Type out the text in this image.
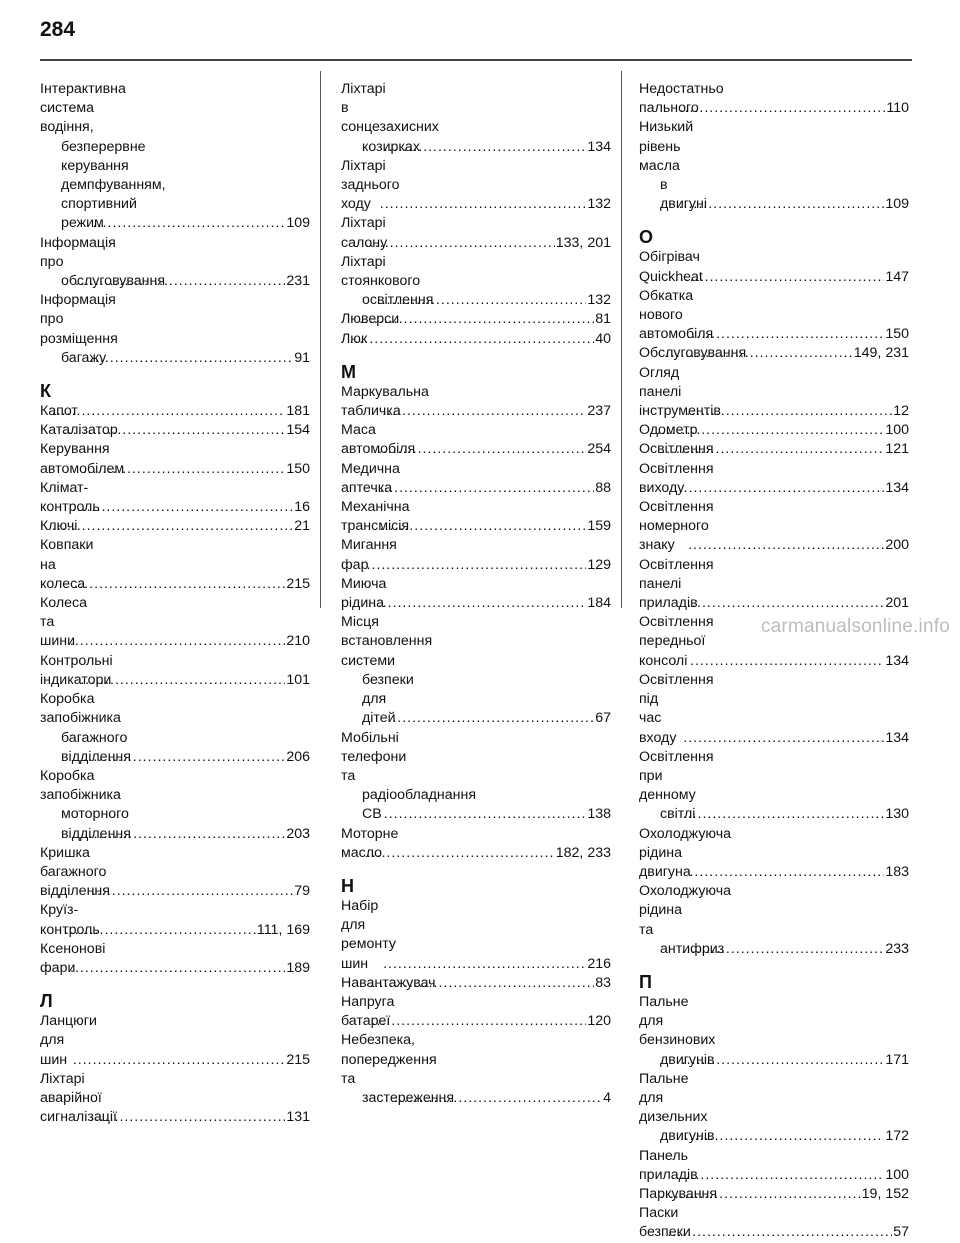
284
Інтерактивна система водіння,
безперервне керування
демпфуванням, спортивний
режим .....	109
Інформація про
обслуговування .....	231
Інформація про розміщення
багажу .....	91
К
Капот .....	181
Каталізатор .....	154
Керування автомобілем .....	150
Клімат-контроль .....	16
Ключі .....	21
Ковпаки на колеса .....	215
Колеса та шини .....	210
Контрольні індикатори .....	101
Коробка запобіжника
багажного відділення .....	206
Коробка запобіжника
моторного відділення .....	203
Кришка багажного відділення .....	79
Круїз-контроль .....	111, 169
Ксенонові фари .....	189
Л
Ланцюги для шин .....	215
Ліхтарі аварійної сигналізації .....	131
Ліхтарі в сонцезахисних
козирках .....	134
Ліхтарі заднього ходу .....	132
Ліхтарі салону .....	133, 201
Ліхтарі стоянкового
освітлення .....	132
Люверси .....	81
Люк .....	40
М
Маркувальна табличка .....	237
Маса автомобіля .....	254
Медична аптечка .....	88
Механічна трансмісія .....	159
Мигання фар .....	129
Миюча рідина .....	184
Місця встановлення системи
безпеки для дітей .....	67
Мобільні телефони та
радіообладнання СВ .....	138
Моторне масло .....	182, 233
Н
Набір для ремонту шин .....	216
Навантажувач .....	83
Напруга батареї .....	120
Небезпека, попередження та
застереження .....	4
Недостатньо пального .....	110
Низький рівень масла
в двигуні .....	109
О
Обігрівач Quickheat .....	147
Обкатка нового автомобіля .....	150
Обслуговування .....	149, 231
Огляд панелі інструментів .....	12
Одометр .....	100
Освітлення .....	121
Освітлення виходу .....	134
Освітлення номерного знаку .....	200
Освітлення панелі приладів .....	201
Освітлення передньої консолі .....	134
Освітлення під час входу .....	134
Освітлення при денному
світлі .....	130
Охолоджуюча рідина двигуна .....	183
Охолоджуюча рідина та
антифриз .....	233
П
Пальне для бензинових
двигунів .....	171
Пальне для дизельних
двигунів .....	172
Панель приладів .....	100
Паркування .....	19, 152
Паски безпеки .....	57
carmanualsonline.info
